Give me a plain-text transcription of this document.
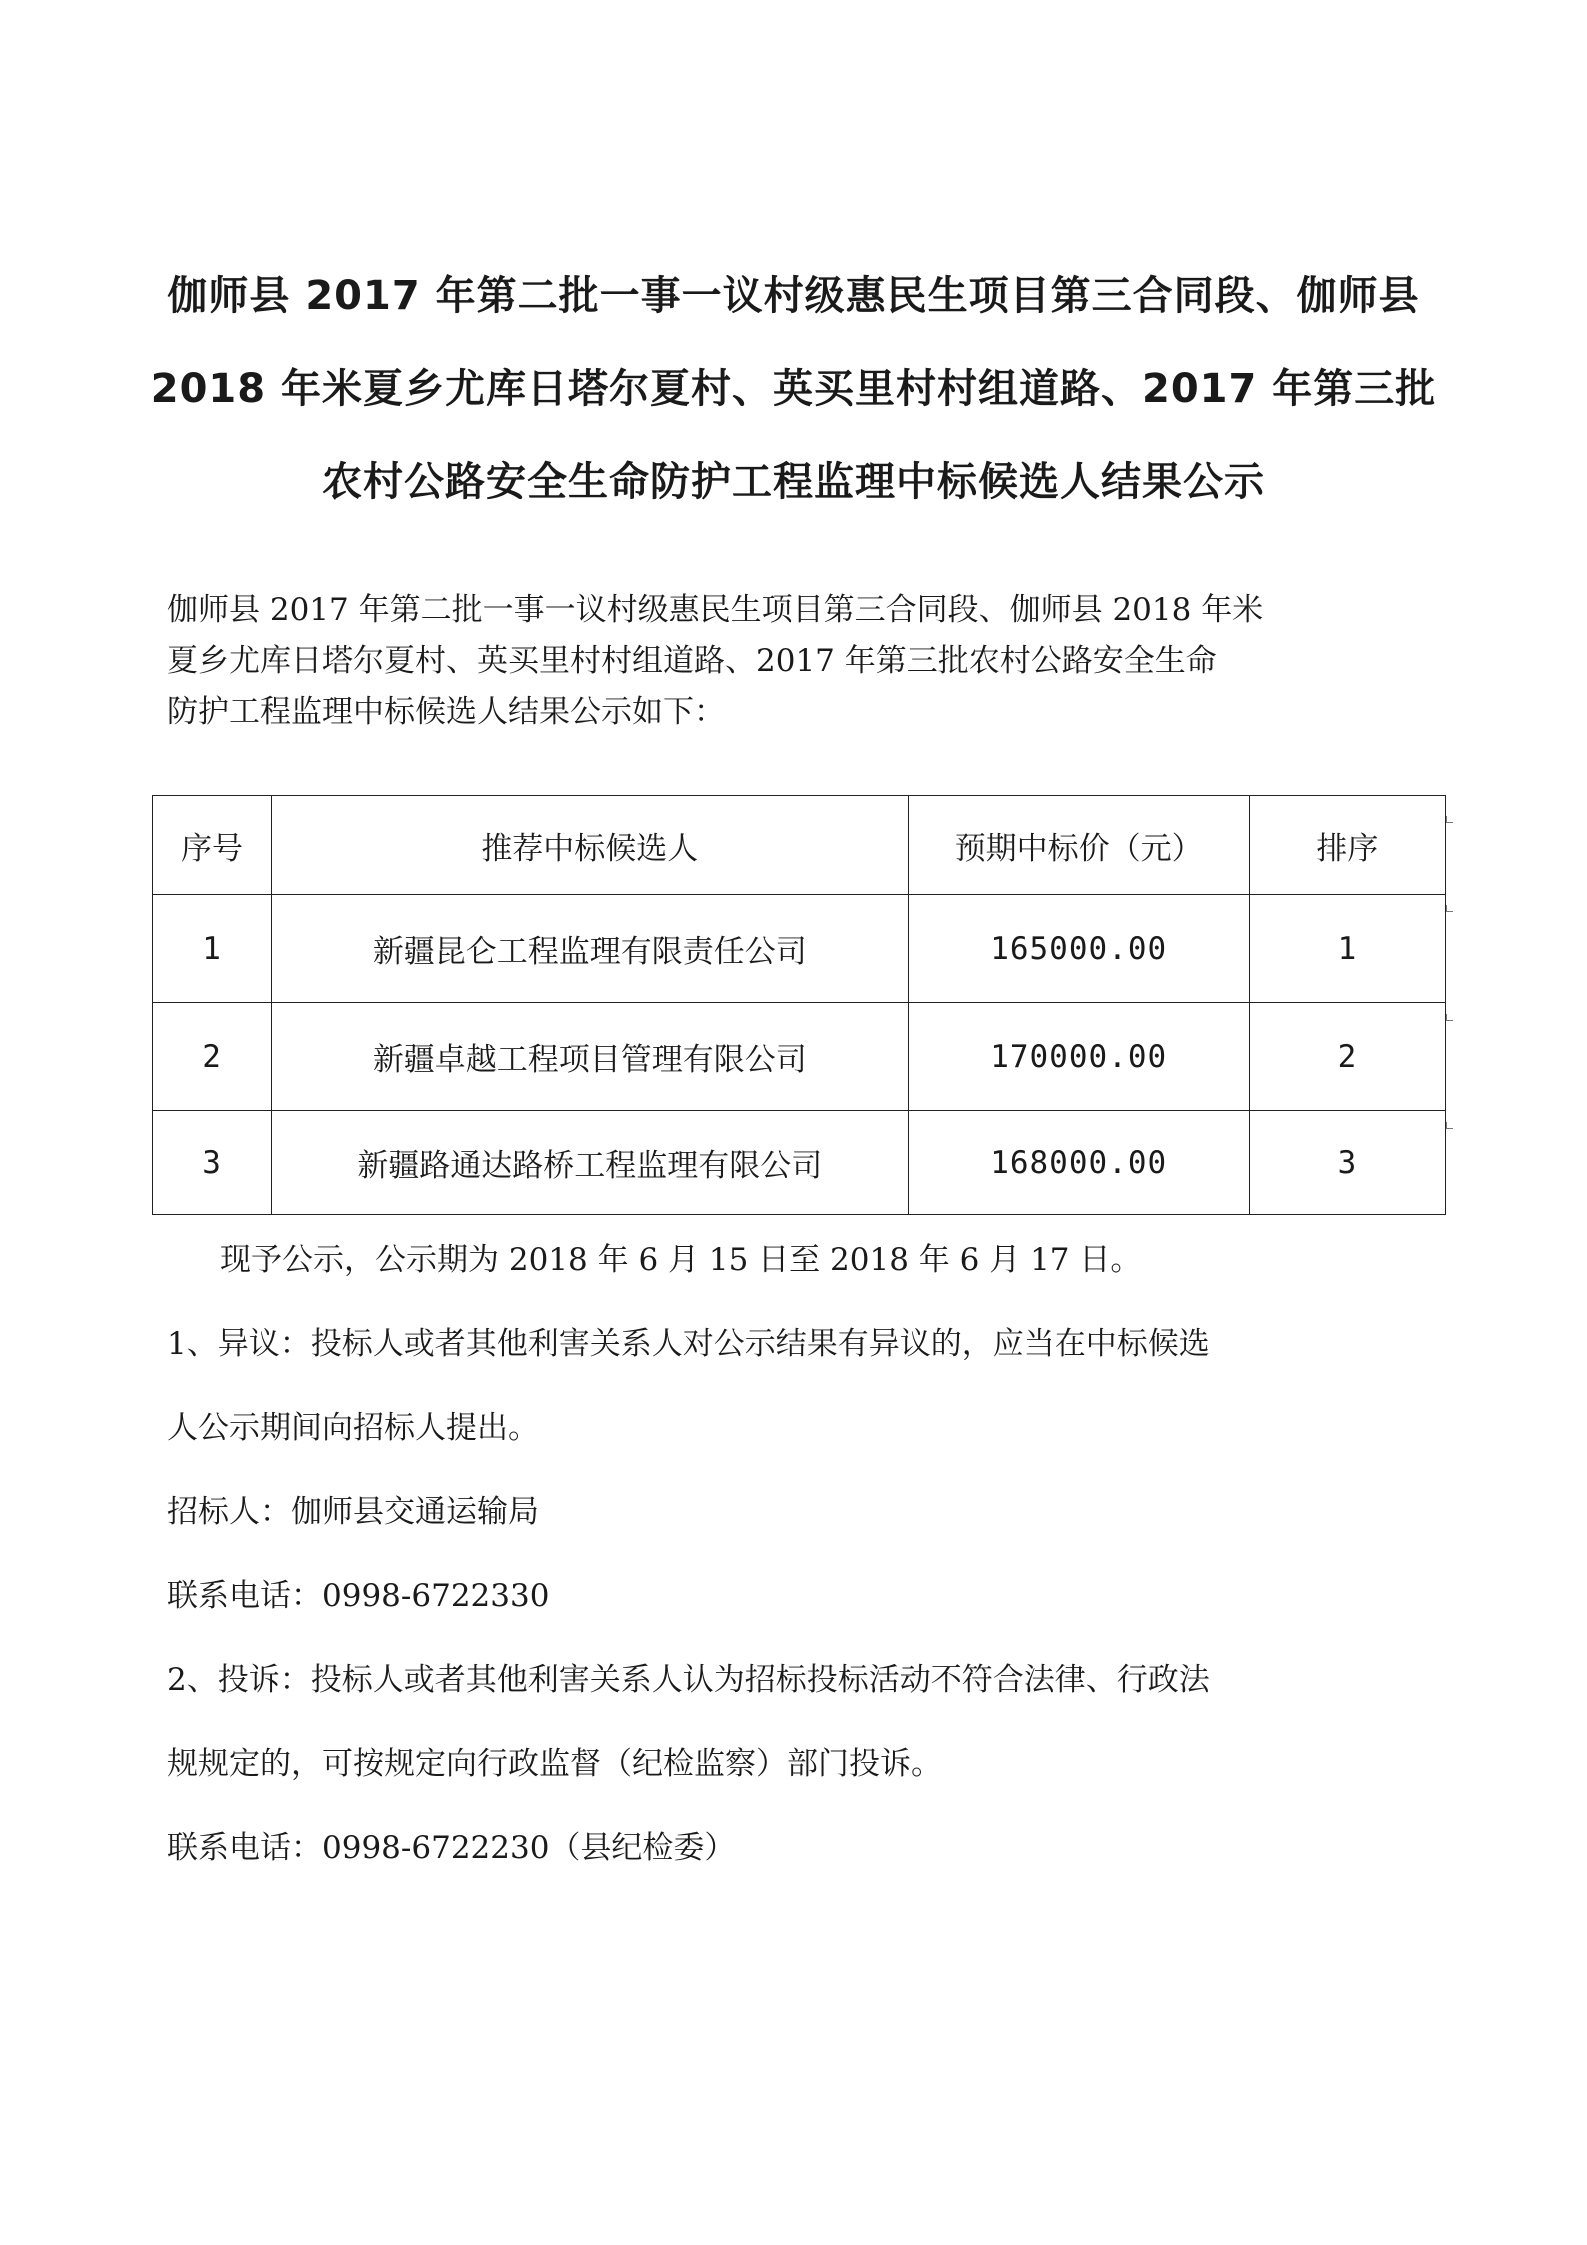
伽师县 2017 年第二批一事一议村级惠民生项目第三合同段、伽师县
2018 年米夏乡尤库日塔尔夏村、英买里村村组道路、2017 年第三批
农村公路安全生命防护工程监理中标候选人结果公示
伽师县 2017 年第二批一事一议村级惠民生项目第三合同段、伽师县 2018 年米
夏乡尤库日塔尔夏村、英买里村村组道路、2017 年第三批农村公路安全生命
防护工程监理中标候选人结果公示如下：
序号	推荐中标候选人	预期中标价（元）	排序
1	新疆昆仑工程监理有限责任公司	165000.00	1
2	新疆卓越工程项目管理有限公司	170000.00	2
3	新疆路通达路桥工程监理有限公司	168000.00	3
现予公示，公示期为 2018 年 6 月 15 日至 2018 年 6 月 17 日。
1、异议：投标人或者其他利害关系人对公示结果有异议的，应当在中标候选
人公示期间向招标人提出。
招标人：伽师县交通运输局
联系电话：0998-6722330
2、投诉：投标人或者其他利害关系人认为招标投标活动不符合法律、行政法
规规定的，可按规定向行政监督（纪检监察）部门投诉。
联系电话：0998-6722230（县纪检委）
